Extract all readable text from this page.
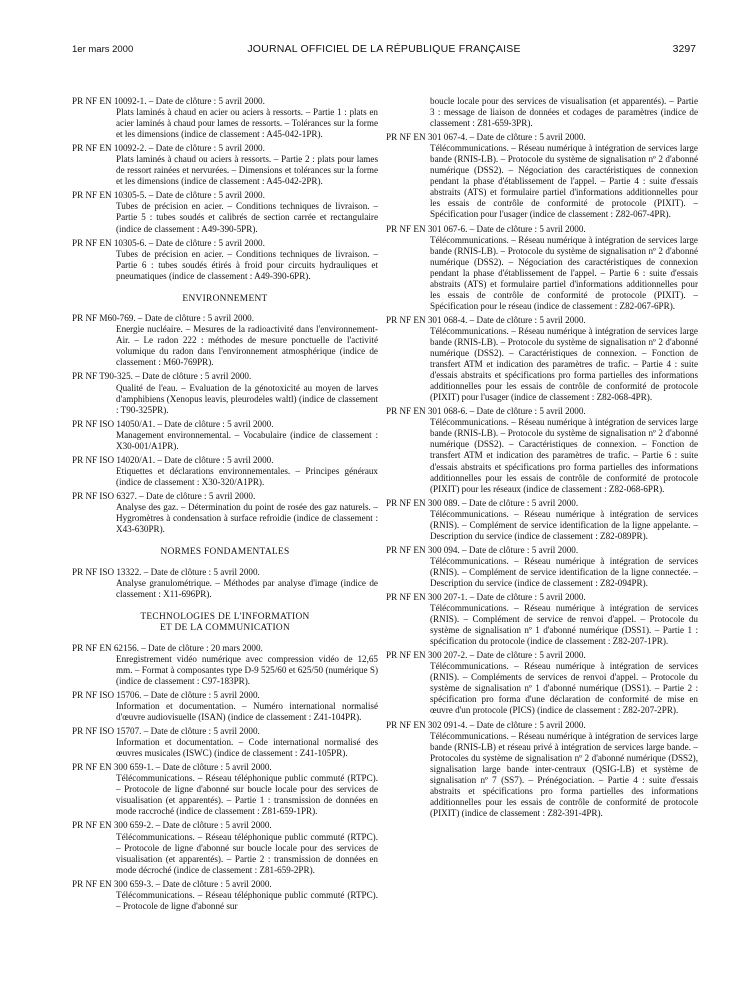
1er mars 2000	JOURNAL OFFICIEL DE LA RÉPUBLIQUE FRANÇAISE	3297
PR NF EN 10092-1. – Date de clôture : 5 avril 2000.
Plats laminés à chaud en acier ou aciers à ressorts. – Partie 1 : plats en acier laminés à chaud pour lames de ressorts. – Tolérances sur la forme et les dimensions (indice de classement : A45-042-1PR).
PR NF EN 10092-2. – Date de clôture : 5 avril 2000.
Plats laminés à chaud ou aciers à ressorts. – Partie 2 : plats pour lames de ressort rainées et nervurées. – Dimensions et tolérances sur la forme et les dimensions (indice de classement : A45-042-2PR).
PR NF EN 10305-5. – Date de clôture : 5 avril 2000.
Tubes de précision en acier. – Conditions techniques de livraison. – Partie 5 : tubes soudés et calibrés de section carrée et rectangulaire (indice de classement : A49-390-5PR).
PR NF EN 10305-6. – Date de clôture : 5 avril 2000.
Tubes de précision en acier. – Conditions techniques de livraison. – Partie 6 : tubes soudés étirés à froid pour circuits hydrauliques et pneumatiques (indice de classement : A49-390-6PR).
ENVIRONNEMENT
PR NF M60-769. – Date de clôture : 5 avril 2000.
Energie nucléaire. – Mesures de la radioactivité dans l'environnement-Air. – Le radon 222 : méthodes de mesure ponctuelle de l'activité volumique du radon dans l'environnement atmosphérique (indice de classement : M60-769PR).
PR NF T90-325. – Date de clôture : 5 avril 2000.
Qualité de l'eau. – Evaluation de la génotoxicité au moyen de larves d'amphibiens (Xenopus leavis, pleurodeles waltl) (indice de classement : T90-325PR).
PR NF ISO 14050/A1. – Date de clôture : 5 avril 2000.
Management environnemental. – Vocabulaire (indice de classement : X30-001/A1PR).
PR NF ISO 14020/A1. – Date de clôture : 5 avril 2000.
Etiquettes et déclarations environnementales. – Principes généraux (indice de classement : X30-320/A1PR).
PR NF ISO 6327. – Date de clôture : 5 avril 2000.
Analyse des gaz. – Détermination du point de rosée des gaz naturels. – Hygromètres à condensation à surface refroidie (indice de classement : X43-630PR).
NORMES FONDAMENTALES
PR NF ISO 13322. – Date de clôture : 5 avril 2000.
Analyse granulométrique. – Méthodes par analyse d'image (indice de classement : X11-696PR).
TECHNOLOGIES DE L'INFORMATION
ET DE LA COMMUNICATION
PR NF EN 62156. – Date de clôture : 20 mars 2000.
Enregistrement vidéo numérique avec compression vidéo de 12,65 mm. – Format à composantes type D-9 525/60 et 625/50 (numérique S) (indice de classement : C97-183PR).
PR NF ISO 15706. – Date de clôture : 5 avril 2000.
Information et documentation. – Numéro international normalisé d'œuvre audiovisuelle (ISAN) (indice de classement : Z41-104PR).
PR NF ISO 15707. – Date de clôture : 5 avril 2000.
Information et documentation. – Code international normalisé des œuvres musicales (ISWC) (indice de classement : Z41-105PR).
PR NF EN 300 659-1. – Date de clôture : 5 avril 2000.
Télécommunications. – Réseau téléphonique public commuté (RTPC). – Protocole de ligne d'abonné sur boucle locale pour des services de visualisation (et apparentés). – Partie 1 : transmission de données en mode raccroché (indice de classement : Z81-659-1PR).
PR NF EN 300 659-2. – Date de clôture : 5 avril 2000.
Télécommunications. – Réseau téléphonique public commuté (RTPC). – Protocole de ligne d'abonné sur boucle locale pour des services de visualisation (et apparentés). – Partie 2 : transmission de données en mode décroché (indice de classement : Z81-659-2PR).
PR NF EN 300 659-3. – Date de clôture : 5 avril 2000.
Télécommunications. – Réseau téléphonique public commuté (RTPC). – Protocole de ligne d'abonné sur
boucle locale pour des services de visualisation (et apparentés). – Partie 3 : message de liaison de données et codages de paramètres (indice de classement : Z81-659-3PR).
PR NF EN 301 067-4. – Date de clôture : 5 avril 2000.
Télécommunications. – Réseau numérique à intégration de services large bande (RNIS-LB). – Protocole du système de signalisation nº 2 d'abonné numérique (DSS2). – Négociation des caractéristiques de connexion pendant la phase d'établissement de l'appel. – Partie 4 : suite d'essais abstraits (ATS) et formulaire partiel d'informations additionnelles pour les essais de contrôle de conformité de protocole (PIXIT). – Spécification pour l'usager (indice de classement : Z82-067-4PR).
PR NF EN 301 067-6. – Date de clôture : 5 avril 2000.
Télécommunications. – Réseau numérique à intégration de services large bande (RNIS-LB). – Protocole du système de signalisation nº 2 d'abonné numérique (DSS2). – Négociation des caractéristiques de connexion pendant la phase d'établissement de l'appel. – Partie 6 : suite d'essais abstraits (ATS) et formulaire partiel d'informations additionnelles pour les essais de contrôle de conformité de protocole (PIXIT). – Spécification pour le réseau (indice de classement : Z82-067-6PR).
PR NF EN 301 068-4. – Date de clôture : 5 avril 2000.
Télécommunications. – Réseau numérique à intégration de services large bande (RNIS-LB). – Protocole du système de signalisation nº 2 d'abonné numérique (DSS2). – Caractéristiques de connexion. – Fonction de transfert ATM et indication des paramètres de trafic. – Partie 4 : suite d'essais abstraits et spécifications pro forma partielles des informations additionnelles pour les essais de contrôle de conformité de protocole (PIXIT) pour l'usager (indice de classement : Z82-068-4PR).
PR NF EN 301 068-6. – Date de clôture : 5 avril 2000.
Télécommunications. – Réseau numérique à intégration de services large bande (RNIS-LB). – Protocole du système de signalisation nº 2 d'abonné numérique (DSS2). – Caractéristiques de connexion. – Fonction de transfert ATM et indication des paramètres de trafic. – Partie 6 : suite d'essais abstraits et spécifications pro forma partielles des informations additionnelles pour les essais de contrôle de conformité de protocole (PIXIT) pour les réseaux (indice de classement : Z82-068-6PR).
PR NF EN 300 089. – Date de clôture : 5 avril 2000.
Télécommunications. – Réseau numérique à intégration de services (RNIS). – Complément de service identification de la ligne appelante. – Description du service (indice de classement : Z82-089PR).
PR NF EN 300 094. – Date de clôture : 5 avril 2000.
Télécommunications. – Réseau numérique à intégration de services (RNIS). – Complément de service identification de la ligne connectée. – Description du service (indice de classement : Z82-094PR).
PR NF EN 300 207-1. – Date de clôture : 5 avril 2000.
Télécommunications. – Réseau numérique à intégration de services (RNIS). – Complément de service de renvoi d'appel. – Protocole du système de signalisation nº 1 d'abonné numérique (DSS1). – Partie 1 : spécification du protocole (indice de classement : Z82-207-1PR).
PR NF EN 300 207-2. – Date de clôture : 5 avril 2000.
Télécommunications. – Réseau numérique à intégration de services (RNIS). – Compléments de services de renvoi d'appel. – Protocole du système de signalisation nº 1 d'abonné numérique (DSS1). – Partie 2 : spécification pro forma d'une déclaration de conformité de mise en œuvre d'un protocole (PICS) (indice de classement : Z82-207-2PR).
PR NF EN 302 091-4. – Date de clôture : 5 avril 2000.
Télécommunications. – Réseau numérique à intégration de services large bande (RNIS-LB) et réseau privé à intégration de services large bande. – Protocoles du système de signalisation nº 2 d'abonné numérique (DSS2), signalisation large bande inter-centraux (QSIG-LB) et système de signalisation nº 7 (SS7). – Prénégociation. – Partie 4 : suite d'essais abstraits et spécifications pro forma partielles des informations additionnelles pour les essais de contrôle de conformité de protocole (PIXIT) (indice de classement : Z82-391-4PR).
